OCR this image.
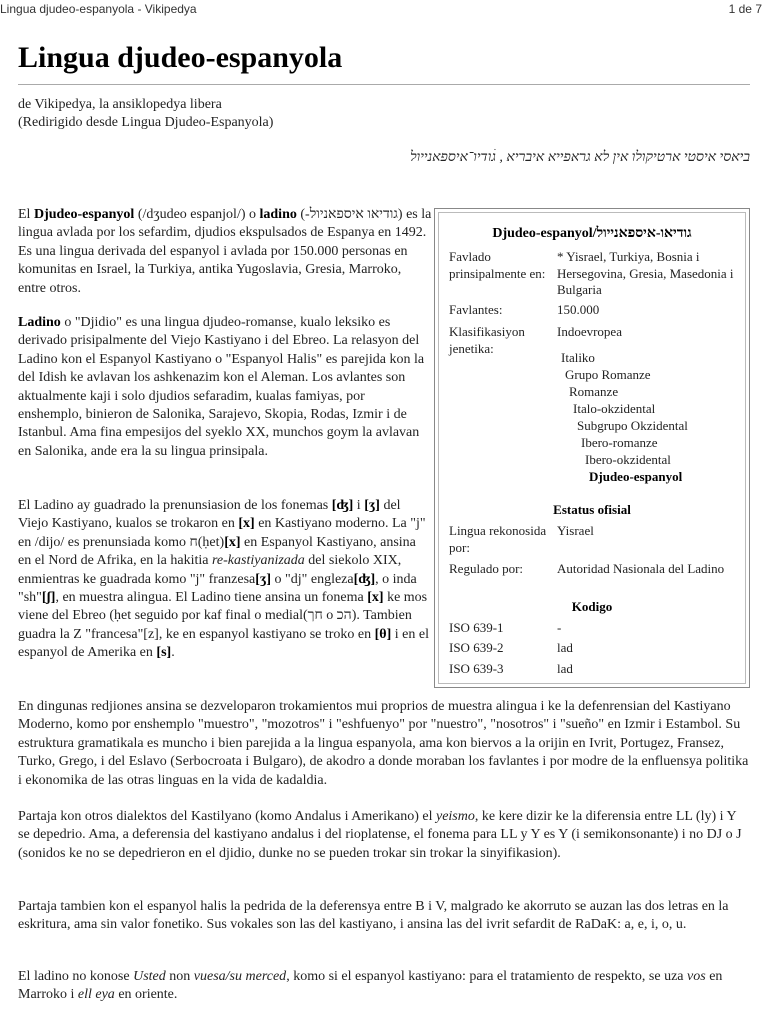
Lingua djudeo-espanyola - Vikipedya	1 de 7
Lingua djudeo-espanyola
de Vikipedya, la ansiklopedya libera
(Redirigido desde Lingua Djudeo-Espanyola)
ביאסי איסטי ארטיקולו אין לא גראפייא איבריא , גׄודיו־איספאנייול
El Djudeo-espanyol (/dʒudeo espanjol/) o ladino (-גודיאו איספאניול) es la lingua avlada por los sefardim, djudios ekspulsados de Espanya en 1492. Es una lingua derivada del espanyol i avlada por 150.000 personas en komunitas en Israel, la Turkiya, antika Yugoslavia, Gresia, Marroko, entre otros.
Ladino o "Djidio" es una lingua djudeo-romanse, kualo leksiko es derivado prisipalmente del Viejo Kastiyano i del Ebreo. La relasyon del Ladino kon el Espanyol Kastiyano o "Espanyol Halis" es parejida kon la del Idish ke avlavan los ashkenazim kon el Aleman. Los avlantes son aktualmente kaji i solo djudios sefaradim, kualas famiyas, por enshemplo, binieron de Salonika, Sarajevo, Skopia, Rodas, Izmir i de Istanbul. Ama fina empesijos del syeklo XX, munchos goym la avlavan en Salonika, ande era la su lingua prinsipala.
El Ladino ay guadrado la prenunsiasion de los fonemas [ʤ] i [ʒ] del Viejo Kastiyano, kualos se trokaron en [x] en Kastiyano moderno. La "j" en /dijo/ es prenunsiada komo ח(ḥet)[x] en Espanyol Kastiyano, ansina en el Nord de Afrika, en la hakitia re-kastiyanizada del siekolo XIX, enmientras ke guadrada komo "j" franzesa[ʒ] o "dj" engleza[ʤ], o inda "sh"[ʃ], en muestra alingua. El Ladino tiene ansina un fonema [x] ke mos viene del Ebreo (ḥet seguido por kaf final o medial(חך o הכ). Tambien guadra la Z "francesa"[z], ke en espanyol kastiyano se troko en [θ] i en el espanyol de Amerika en [s].
Djudeo-espanyol/גודיאו-איספאנייול
Favlado prinsipalmente en:
* Yisrael, Turkiya, Bosnia i Hersegovina, Gresia, Masedonia i Bulgaria
Favlantes:	150.000
Klasifikasiyon jenetika:
Indoevropea
Italiko
Grupo Romanze
Romanze
Italo-okzidental
Subgrupo Okzidental
Ibero-romanze
Ibero-okzidental
Djudeo-espanyol
Estatus ofisial
Lingua rekonosida por:
Yisrael
Regulado por:	Autoridad Nasionala del Ladino
Kodigo
ISO 639-1	-
ISO 639-2	lad
ISO 639-3	lad
En dingunas redjiones ansina se dezveloparon trokamientos mui proprios de muestra alingua i ke la defenrensian del Kastiyano Moderno, komo por enshemplo "muestro", "mozotros" i "eshfuenyo" por "nuestro", "nosotros" i "sueño" en Izmir i Estambol. Su estruktura gramatikala es muncho i bien parejida a la lingua espanyola, ama kon biervos a la orijin en Ivrit, Portugez, Fransez, Turko, Grego, i del Eslavo (Serbocroata i Bulgaro), de akodro a donde moraban los favlantes i por modre de la enfluensya politika i ekonomika de las otras linguas en la vida de kadaldia.
Partaja kon otros dialektos del Kastilyano (komo Andalus i Amerikano) el yeismo, ke kere dizir ke la diferensia entre LL (ly) i Y se depedrio. Ama, a deferensia del kastiyano andalus i del rioplatense, el fonema para LL y Y es Y (i semikonsonante) i no DJ o J (sonidos ke no se depedrieron en el djidio, dunke no se pueden trokar sin trokar la sinyifikasion).
Partaja tambien kon el espanyol halis la pedrida de la deferensya entre B i V, malgrado ke akorruto se auzan las dos letras en la eskritura, ama sin valor fonetiko. Sus vokales son las del kastiyano, i ansina las del ivrit sefardit de RaDaK: a, e, i, o, u.
El ladino no konose Usted non vuesa/su merced, komo si el espanyol kastiyano: para el tratamiento de respekto, se uza vos en Marroko i ell eya en oriente.
